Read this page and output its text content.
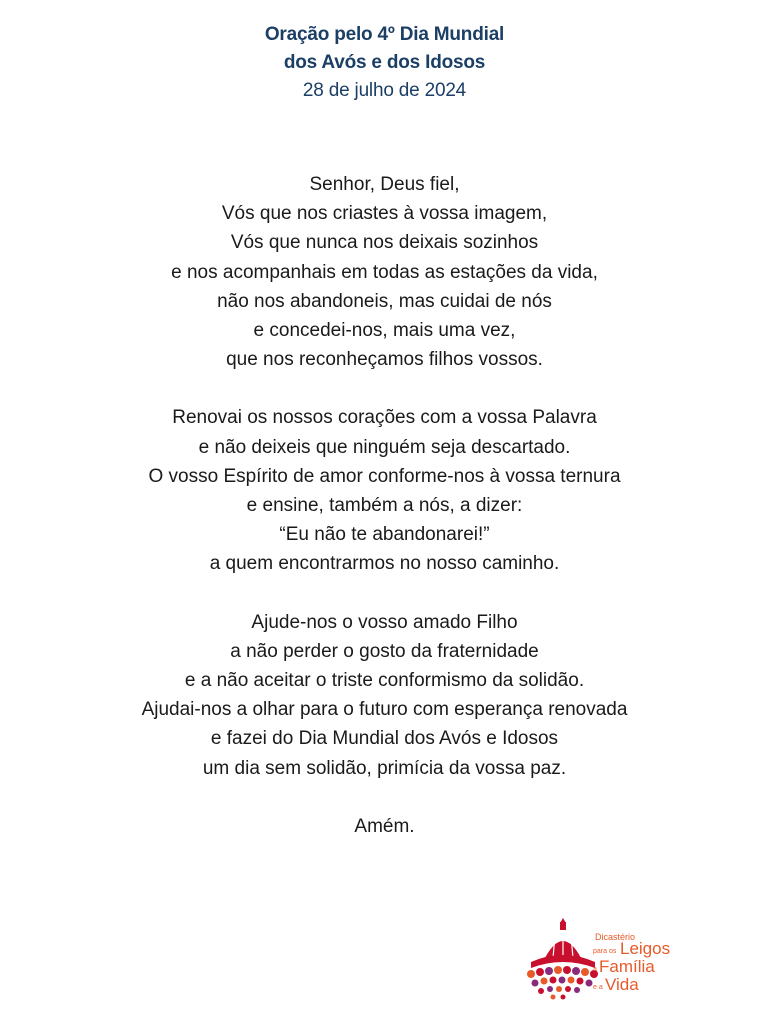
Oração pelo 4º Dia Mundial
dos Avós e dos Idosos
28 de julho de 2024
Senhor, Deus fiel,
Vós que nos criastes à vossa imagem,
Vós que nunca nos deixais sozinhos
e nos acompanhais em todas as estações da vida,
não nos abandoneis, mas cuidai de nós
e concedei-nos, mais uma vez,
que nos reconheçamos filhos vossos.
Renovai os nossos corações com a vossa Palavra
e não deixeis que ninguém seja descartado.
O vosso Espírito de amor conforme-nos à vossa ternura
e ensine, também a nós, a dizer:
“Eu não te abandonarei!”
a quem encontrarmos no nosso caminho.
Ajude-nos o vosso amado Filho
a não perder o gosto da fraternidade
e a não aceitar o triste conformismo da solidão.
Ajudai-nos a olhar para o futuro com esperança renovada
e fazei do Dia Mundial dos Avós e Idosos
um dia sem solidão, primícia da vossa paz.
Amém.
Dicastério
para os Leigos
a Família
e a Vida
